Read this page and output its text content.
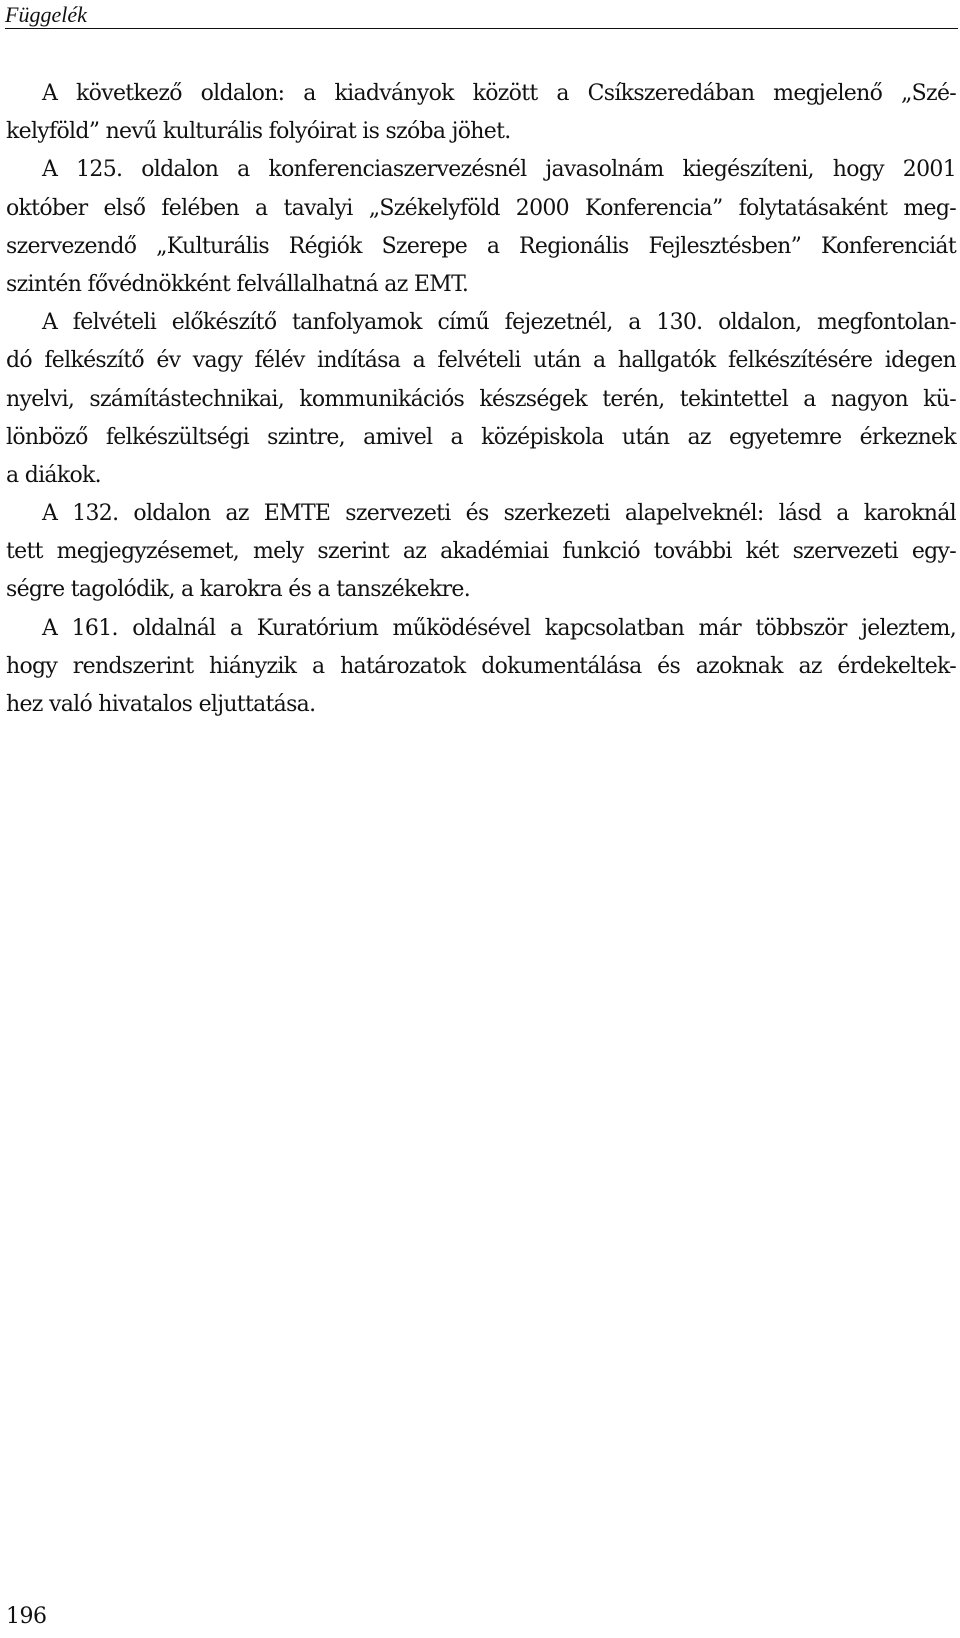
Függelék
A következő oldalon: a kiadványok között a Csíkszeredában megjelenő „Szé-
kelyföld” nevű kulturális folyóirat is szóba jöhet.
A 125. oldalon a konferenciaszervezésnél javasolnám kiegészíteni, hogy 2001
október első felében a tavalyi „Székelyföld 2000 Konferencia” folytatásaként meg-
szervezendő „Kulturális Régiók Szerepe a Regionális Fejlesztésben” Konferenciát
szintén fővédnökként felvállalhatná az EMT.
A felvételi előkészítő tanfolyamok című fejezetnél, a 130. oldalon, megfontolan-
dó felkészítő év vagy félév indítása a felvételi után a hallgatók felkészítésére idegen
nyelvi, számítástechnikai, kommunikációs készségek terén, tekintettel a nagyon kü-
lönböző felkészültségi szintre, amivel a középiskola után az egyetemre érkeznek
a diákok.
A 132. oldalon az EMTE szervezeti és szerkezeti alapelveknél: lásd a karoknál
tett megjegyzésemet, mely szerint az akadémiai funkció további két szervezeti egy-
ségre tagolódik, a karokra és a tanszékekre.
A 161. oldalnál a Kuratórium működésével kapcsolatban már többször jeleztem,
hogy rendszerint hiányzik a határozatok dokumentálása és azoknak az érdekeltek-
hez való hivatalos eljuttatása.
196
